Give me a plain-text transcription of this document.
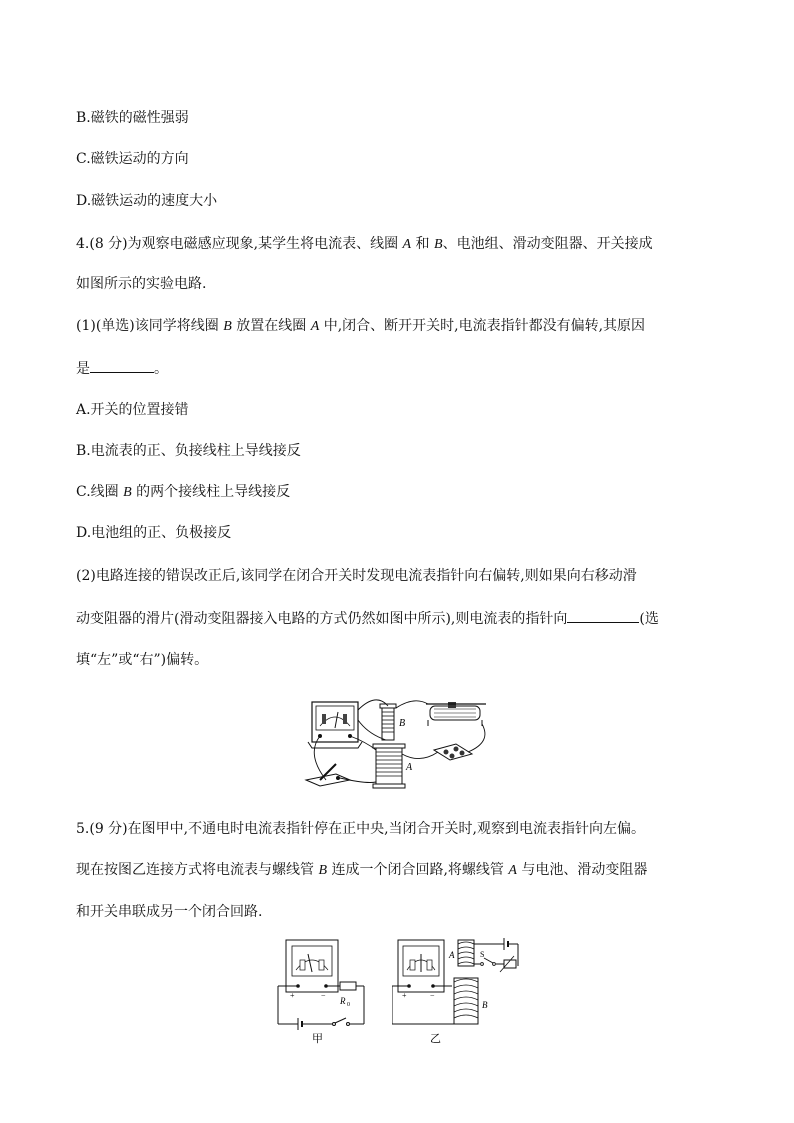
B.磁铁的磁性强弱
C.磁铁运动的方向
D.磁铁运动的速度大小
4.(8 分)为观察电磁感应现象,某学生将电流表、线圈 A 和 B、电池组、滑动变阻器、开关接成
如图所示的实验电路.
(1)(单选)该同学将线圈 B 放置在线圈 A 中,闭合、断开开关时,电流表指针都没有偏转,其原因
是	。
A.开关的位置接错
B.电流表的正、负接线柱上导线接反
C.线圈 B 的两个接线柱上导线接反
D.电池组的正、负极接反
(2)电路连接的错误改正后,该同学在闭合开关时发现电流表指针向右偏转,则如果向右移动滑
动变阻器的滑片(滑动变阻器接入电路的方式仍然如图中所示),则电流表的指针向	(选
填“左”或“右”)偏转。
B
A
5.(9 分)在图甲中,不通电时电流表指针停在正中央,当闭合开关时,观察到电流表指针向左偏。
现在按图乙连接方式将电流表与螺线管 B 连成一个闭合回路,将螺线管 A 与电池、滑动变阻器
和开关串联成另一个闭合回路.
+	−
R 0
甲
+	−
B
A	S
乙
